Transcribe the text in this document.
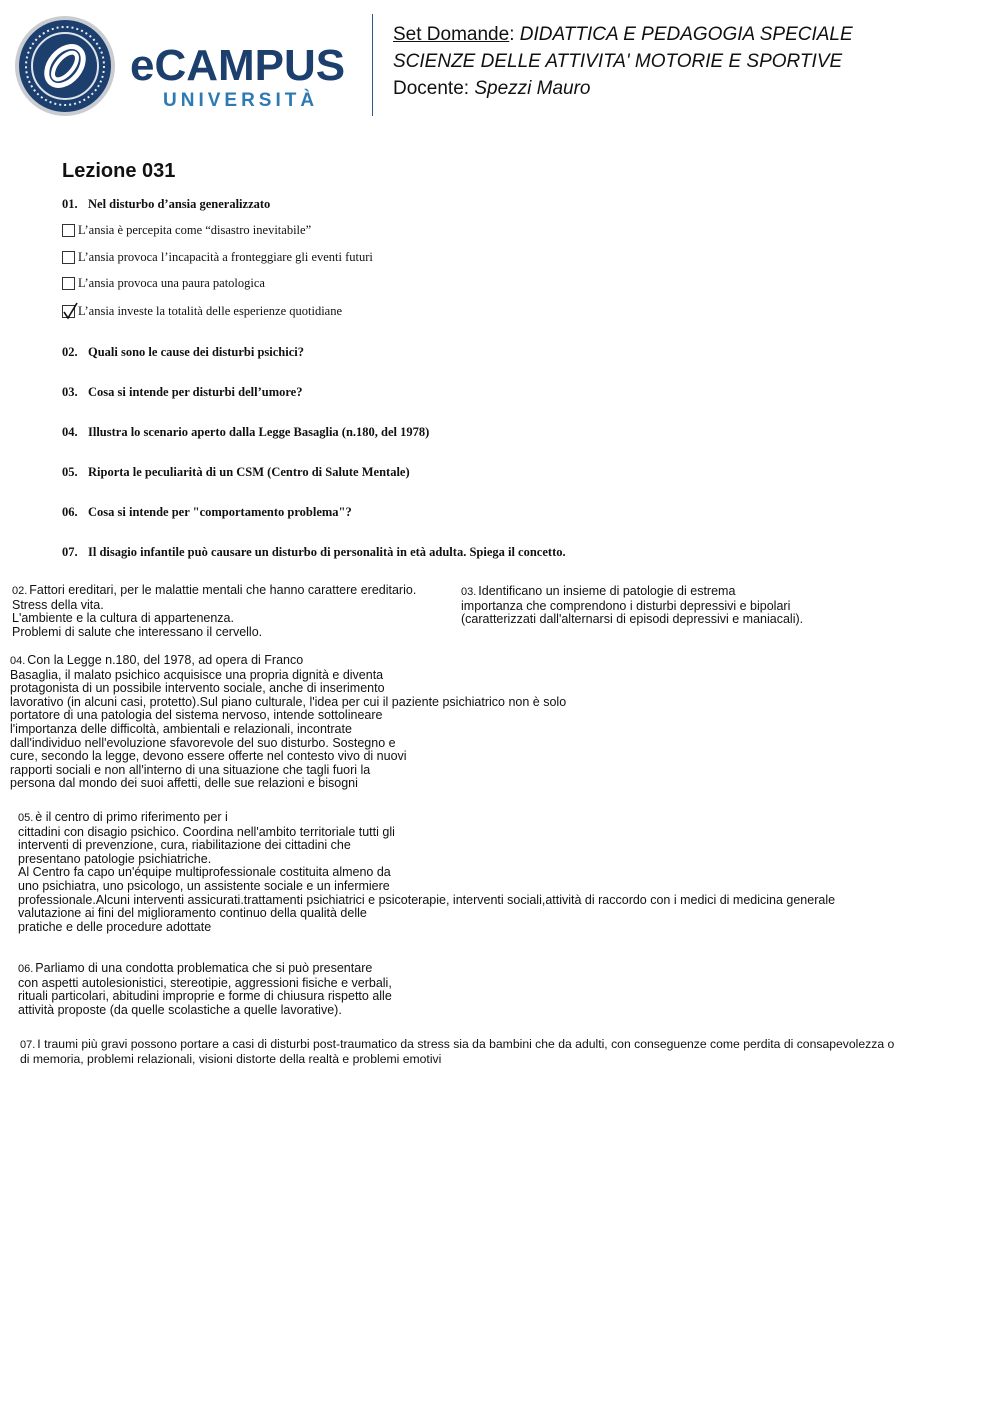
eCAMPUS
UNIVERSITÀ
Set Domande: DIDATTICA E PEDAGOGIA SPECIALE
SCIENZE DELLE ATTIVITA' MOTORIE E SPORTIVE
Docente: Spezzi Mauro
Lezione 031
01. Nel disturbo d’ansia generalizzato
L’ansia è percepita come “disastro inevitabile”
L’ansia provoca l’incapacità a fronteggiare gli eventi futuri
L’ansia provoca una paura patologica
L’ansia investe la totalità delle esperienze quotidiane
02. Quali sono le cause dei disturbi psichici?
03. Cosa si intende per disturbi dell’umore?
04. Illustra lo scenario aperto dalla Legge Basaglia (n.180, del 1978)
05. Riporta le peculiarità di un CSM (Centro di Salute Mentale)
06. Cosa si intende per "comportamento problema"?
07. Il disagio infantile può causare un disturbo di personalità in età adulta. Spiega il concetto.
02. Fattori ereditari, per le malattie mentali che hanno carattere ereditario.
Stress della vita.
L'ambiente e la cultura di appartenenza.
Problemi di salute che interessano il cervello.
03. Identificano un insieme di patologie di estrema
importanza che comprendono i disturbi depressivi e bipolari
(caratterizzati dall'alternarsi di episodi depressivi e maniacali).
04. Con la Legge n.180, del 1978, ad opera di Franco
Basaglia, il malato psichico acquisisce una propria dignità e diventa
protagonista di un possibile intervento sociale, anche di inserimento
lavorativo (in alcuni casi, protetto).Sul piano culturale, l'idea per cui il paziente psichiatrico non è solo
portatore di una patologia del sistema nervoso, intende sottolineare
l'importanza delle difficoltà, ambientali e relazionali, incontrate
dall'individuo nell'evoluzione sfavorevole del suo disturbo. Sostegno e
cure, secondo la legge, devono essere offerte nel contesto vivo di nuovi
rapporti sociali e non all'interno di una situazione che tagli fuori la
persona dal mondo dei suoi affetti, delle sue relazioni e bisogni
05. è il centro di primo riferimento per i
cittadini con disagio psichico. Coordina nell'ambito territoriale tutti gli
interventi di prevenzione, cura, riabilitazione dei cittadini che
presentano patologie psichiatriche.
Al Centro fa capo un'équipe multiprofessionale costituita almeno da
uno psichiatra, uno psicologo, un assistente sociale e un infermiere
professionale.Alcuni interventi assicurati.trattamenti psichiatrici e psicoterapie, interventi sociali,attività di raccordo con i medici di medicina generale
valutazione ai fini del miglioramento continuo della qualità delle
pratiche e delle procedure adottate
06. Parliamo di una condotta problematica che si può presentare
con aspetti autolesionistici, stereotipie, aggressioni fisiche e verbali,
rituali particolari, abitudini improprie e forme di chiusura rispetto alle
attività proposte (da quelle scolastiche a quelle lavorative).
07. I traumi più gravi possono portare a casi di disturbi post-traumatico da stress sia da bambini che da adulti, con conseguenze come perdita di consapevolezza o
di memoria, problemi relazionali, visioni distorte della realtà e problemi emotivi
